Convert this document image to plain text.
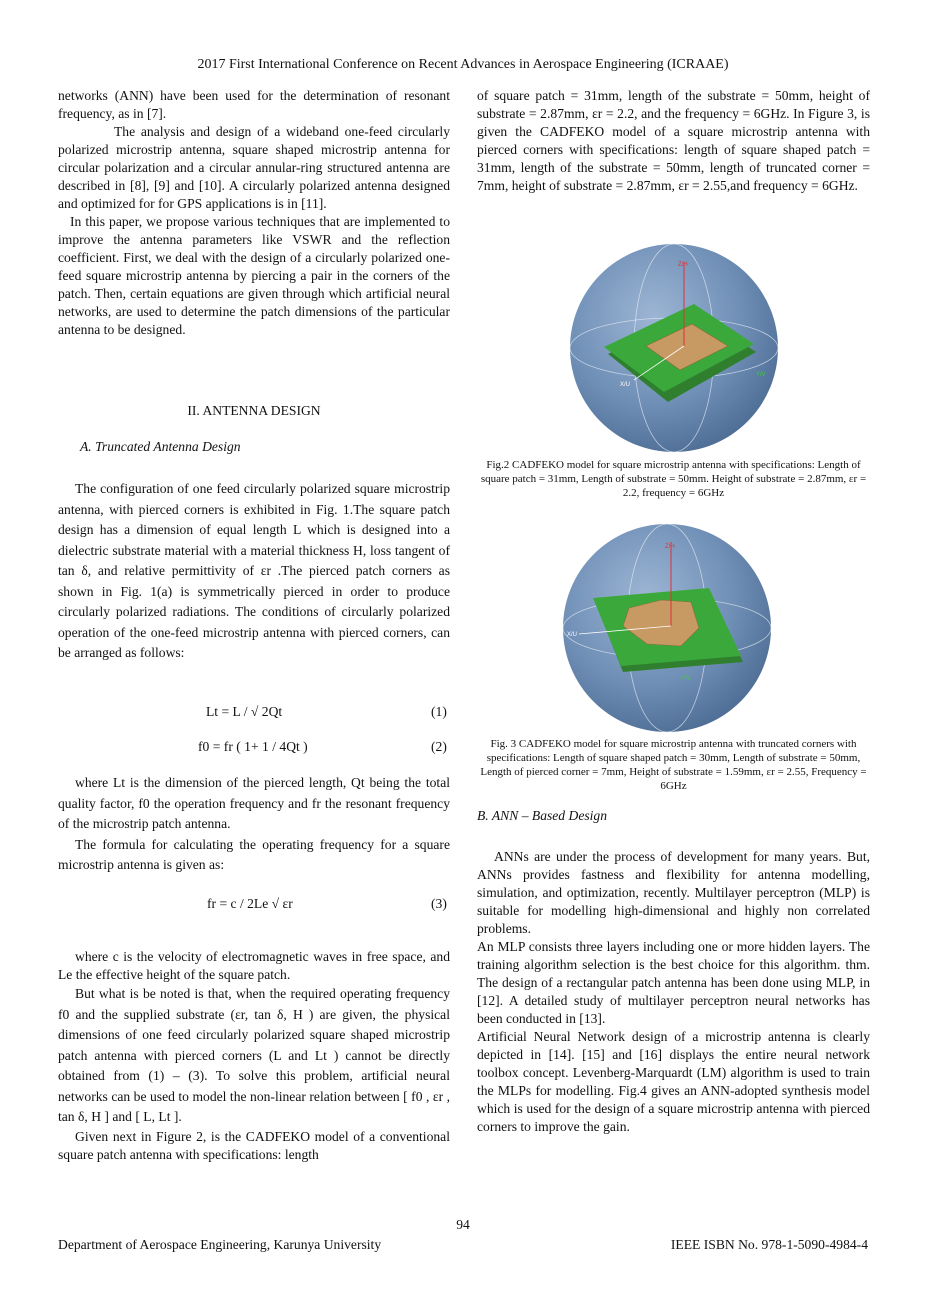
2017 First International Conference on Recent Advances in Aerospace Engineering (ICRAAE)

networks (ANN) have been used for the determination of resonant frequency, as in [7].

The analysis and design of a wideband one-feed circularly polarized microstrip antenna, square shaped microstrip antenna for circular polarization and a circular annular-ring structured antenna are described in [8], [9] and [10]. A circularly polarized antenna designed and optimized for for GPS applications is in [11].

In this paper, we propose various techniques that are implemented to improve the antenna parameters like VSWR and the reflection coefficient. First, we deal with the design of a circularly polarized one-feed square microstrip antenna by piercing a pair in the corners of the patch. Then, certain equations are given through which artificial neural networks, are used to determine the patch dimensions of the particular antenna to be designed.

II. ANTENNA DESIGN
A. Truncated Antenna Design

The configuration of one feed circularly polarized square microstrip antenna, with pierced corners is exhibited in Fig. 1.The square patch design has a dimension of equal length L which is designed into a dielectric substrate material with a material thickness H, loss tangent of tan δ, and relative permittivity of εr .The pierced patch corners as shown in Fig. 1(a) is symmetrically pierced in order to produce circularly polarized radiations. The conditions of circularly polarized operation of the one-feed microstrip antenna with pierced corners, can be arranged as follows:

Lt = L / √ 2Qt	(1)
f0 = fr ( 1+ 1 / 4Qt )	(2)

where Lt is the dimension of the pierced length, Qt being the total quality factor, f0 the operation frequency and fr the resonant frequency of the microstrip patch antenna.

The formula for calculating the operating frequency for a square microstrip antenna is given as:

fr = c / 2Le √ εr	(3)

where c is the velocity of electromagnetic waves in free space, and Le the effective height of the square patch.

But what is be noted is that, when the required operating frequency f0 and the supplied substrate (εr, tan δ, H ) are given, the physical dimensions of one feed circularly polarized square shaped microstrip patch antenna with pierced corners (L and Lt ) cannot be directly obtained from (1) – (3). To solve this problem, artificial neural networks can be used to model the non-linear relation between [ f0 , εr , tan δ, H ] and [ L, Lt ].

Given next in Figure 2, is the CADFEKO model of a conventional square patch antenna with specifications: length

of square patch = 31mm, length of the substrate = 50mm, height of substrate = 2.87mm, εr = 2.2, and the frequency = 6GHz. In Figure 3, is given the CADFEKO model of a square microstrip antenna with pierced corners with specifications: length of square shaped patch = 31mm, length of the substrate = 50mm, length of truncated corner = 7mm, height of substrate = 2.87mm, εr = 2.55,and frequency = 6GHz.

Z/H
X/U
Y/V
Fig.2 CADFEKO model for square microstrip antenna with specifications: Length of square patch = 31mm, Length of substrate = 50mm. Height of substrate = 2.87mm, εr = 2.2, frequency = 6GHz
Z/H
X/U
Y/V
Fig. 3 CADFEKO model for square microstrip antenna with truncated corners with specifications: Length of square shaped patch = 30mm, Length of substrate = 50mm, Length of pierced corner = 7mm, Height of substrate = 1.59mm, εr = 2.55, Frequency = 6GHz
B. ANN – Based Design

ANNs are under the process of development for many years. But, ANNs provides fastness and flexibility for antenna modelling, simulation, and optimization, recently. Multilayer perceptron (MLP) is suitable for modelling high-dimensional and highly non correlated problems.

An MLP consists three layers including one or more hidden layers. The training algorithm selection is the best choice for this algorithm. thm. The design of a rectangular patch antenna has been done using MLP, in [12]. A detailed study of multilayer perceptron neural networks has been conducted in [13].

Artificial Neural Network design of a microstrip antenna is clearly depicted in [14]. [15] and [16] displays the entire neural network toolbox concept. Levenberg-Marquardt (LM) algorithm is used to train the MLPs for modelling. Fig.4 gives an ANN-adopted synthesis model which is used for the design of a square microstrip antenna with pierced corners to improve the gain.

94
Department of Aerospace Engineering, Karunya University	IEEE ISBN No. 978-1-5090-4984-4
